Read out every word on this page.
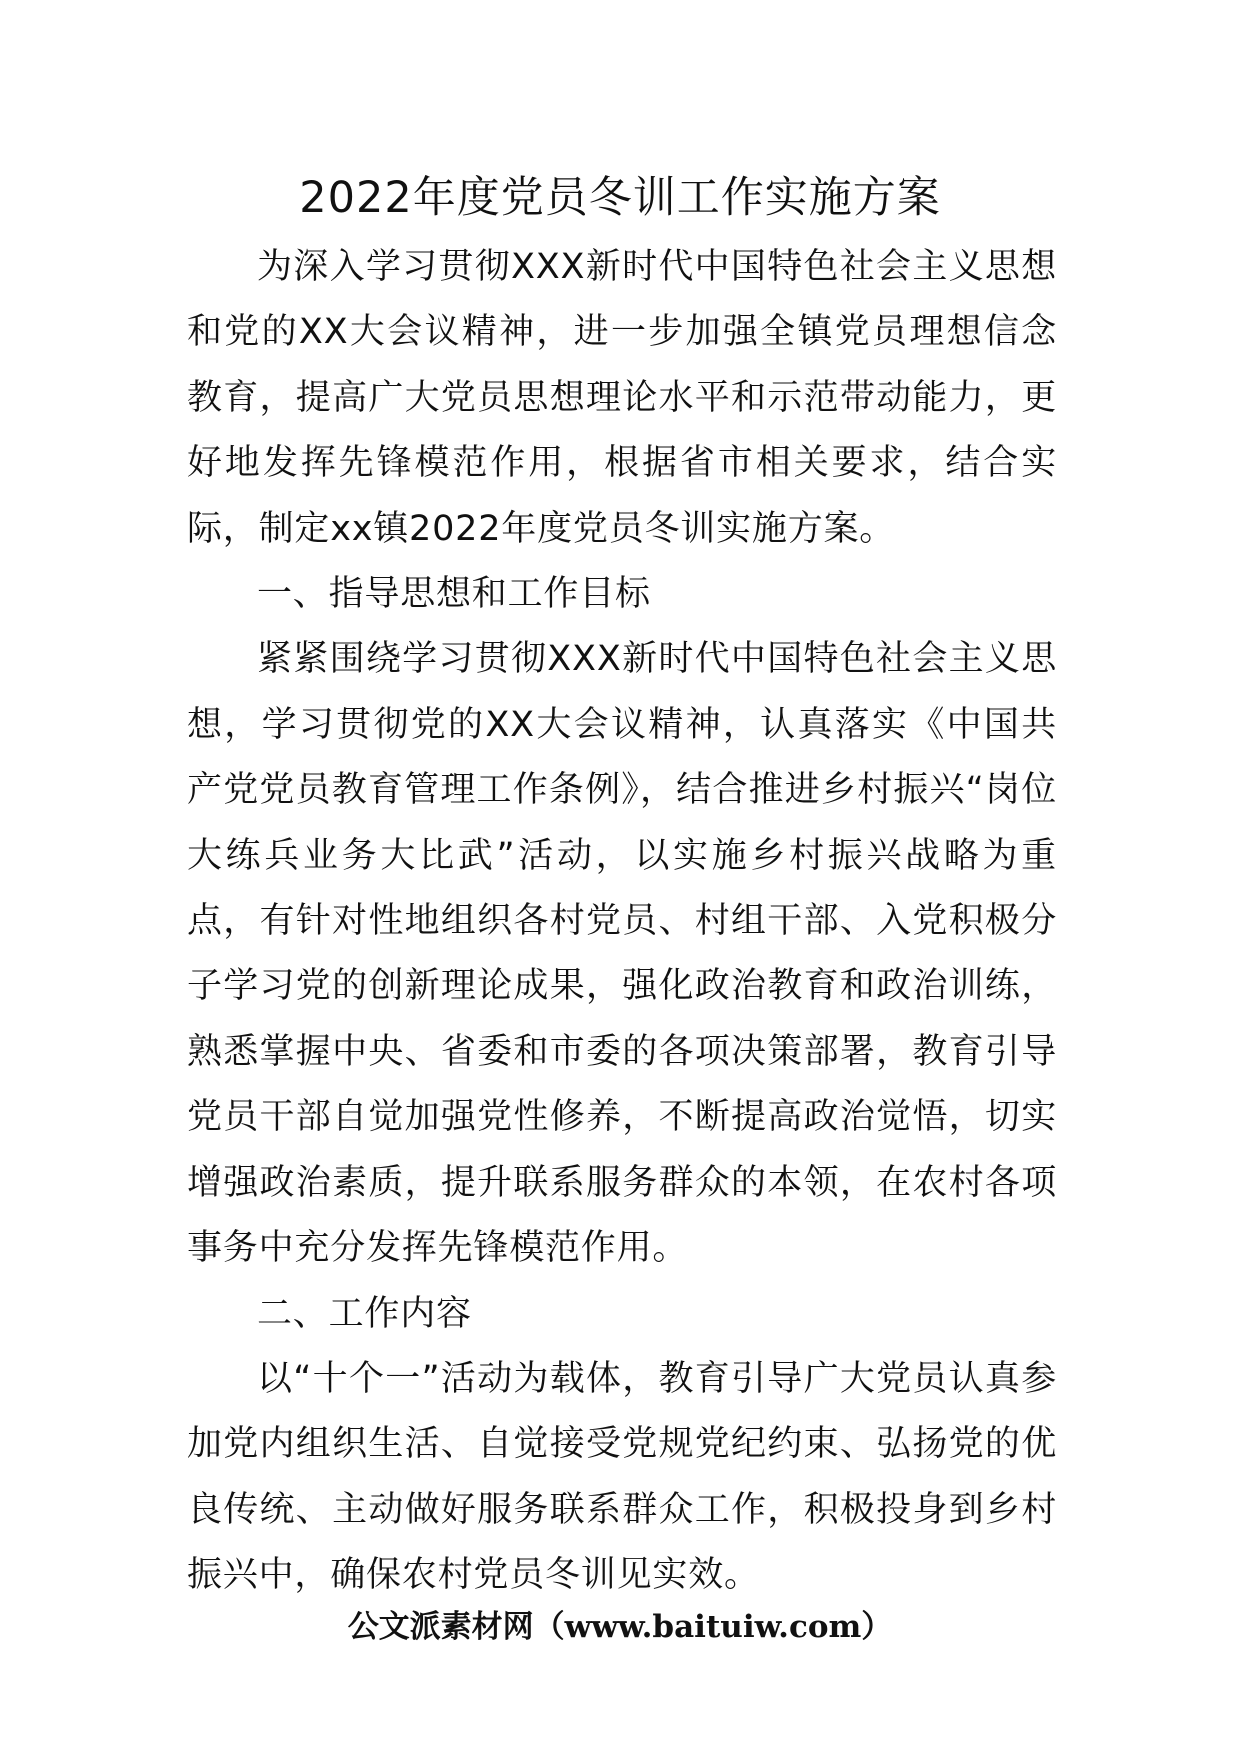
2022年度党员冬训工作实施方案

为深入学习贯彻XXX新时代中国特色社会主义思想和党的XX大会议精神，进一步加强全镇党员理想信念教育，提高广大党员思想理论水平和示范带动能力，更好地发挥先锋模范作用，根据省市相关要求，结合实际，制定xx镇2022年度党员冬训实施方案。

一、指导思想和工作目标

紧紧围绕学习贯彻XXX新时代中国特色社会主义思想，学习贯彻党的XX大会议精神，认真落实《中国共产党党员教育管理工作条例》，结合推进乡村振兴“岗位大练兵业务大比武”活动，以实施乡村振兴战略为重点，有针对性地组织各村党员、村组干部、入党积极分子学习党的创新理论成果，强化政治教育和政治训练，熟悉掌握中央、省委和市委的各项决策部署，教育引导党员干部自觉加强党性修养，不断提高政治觉悟，切实增强政治素质，提升联系服务群众的本领，在农村各项事务中充分发挥先锋模范作用。

二、工作内容

以“十个一”活动为载体，教育引导广大党员认真参加党内组织生活、自觉接受党规党纪约束、弘扬党的优良传统、主动做好服务联系群众工作，积极投身到乡村振兴中，确保农村党员冬训见实效。

公文派素材网（www.baituiw.com）
